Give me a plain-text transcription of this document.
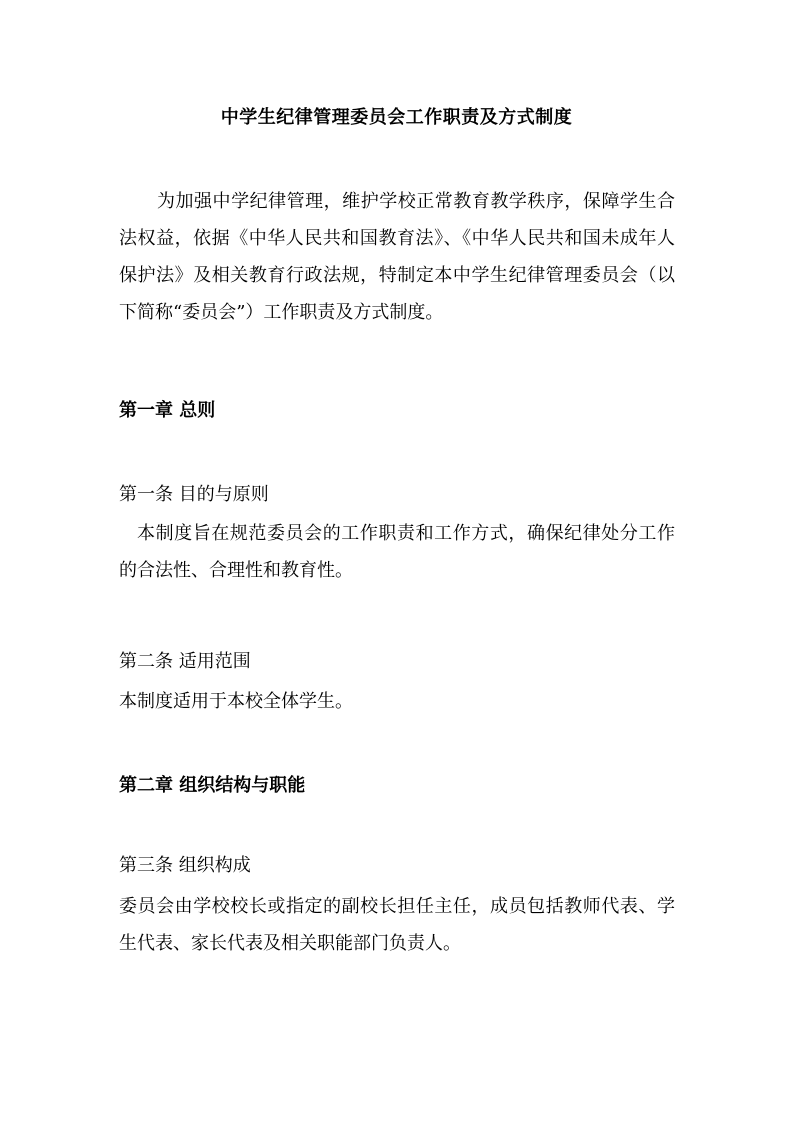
中学生纪律管理委员会工作职责及方式制度
为加强中学纪律管理，维护学校正常教育教学秩序，保障学生合法权益，依据《中华人民共和国教育法》、《中华人民共和国未成年人保护法》及相关教育行政法规，特制定本中学生纪律管理委员会（以下简称“委员会”）工作职责及方式制度。
第一章 总则
第一条 目的与原则
本制度旨在规范委员会的工作职责和工作方式，确保纪律处分工作的合法性、合理性和教育性。
第二条 适用范围
本制度适用于本校全体学生。
第二章 组织结构与职能
第三条 组织构成
委员会由学校校长或指定的副校长担任主任，成员包括教师代表、学生代表、家长代表及相关职能部门负责人。
